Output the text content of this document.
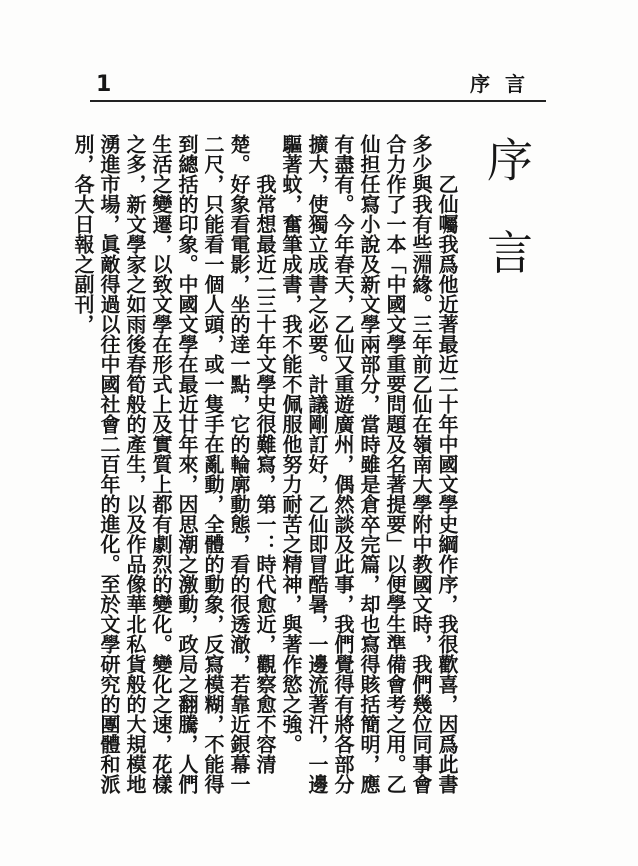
1	序 言
序 言

乙仙囑我爲他近著最近二十年中國文學史綱作序，我很歡喜，因爲此書多少與我有些淵緣。三年前乙仙在嶺南大學附中教國文時，我們幾位同事會合力作了一本「中國文學重要問題及名著提要」以便學生準備會考之用。乙仙担任寫小說及新文學兩部分，當時雖是倉卒完篇，却也寫得賅括簡明，應有盡有。今年春天，乙仙又重遊廣州，偶然談及此事，我們覺得有將各部分擴大，使獨立成書之必要。計議剛訂好，乙仙即冒酷暑，一邊流著汗，一邊驅著蚊，奮筆成書，我不能不佩服他努力耐苦之精神，與著作慾之強。

我常想最近二三十年文學史很難寫，第一：時代愈近，觀察愈不容清楚。好象看電影，坐的逹一點，它的輪廓動態，看的很透澈，若靠近銀幕一二尺，只能看一個人頭，或一隻手在亂動，全體的動象，反寫模糊，不能得到總括的印象。中國文學在最近廿年來，因思潮之激動，政局之翻騰，人們生活之變遷，以致文學在形式上及實質上都有劇烈的變化。變化之速，花樣之多，新文學家之如雨後春筍般的產生，以及作品像華北私貨般的大規模地湧進市場，眞敵得過以往中國社會二百年的進化。至於文學研究的團體和派別，各大日報之副刊，
